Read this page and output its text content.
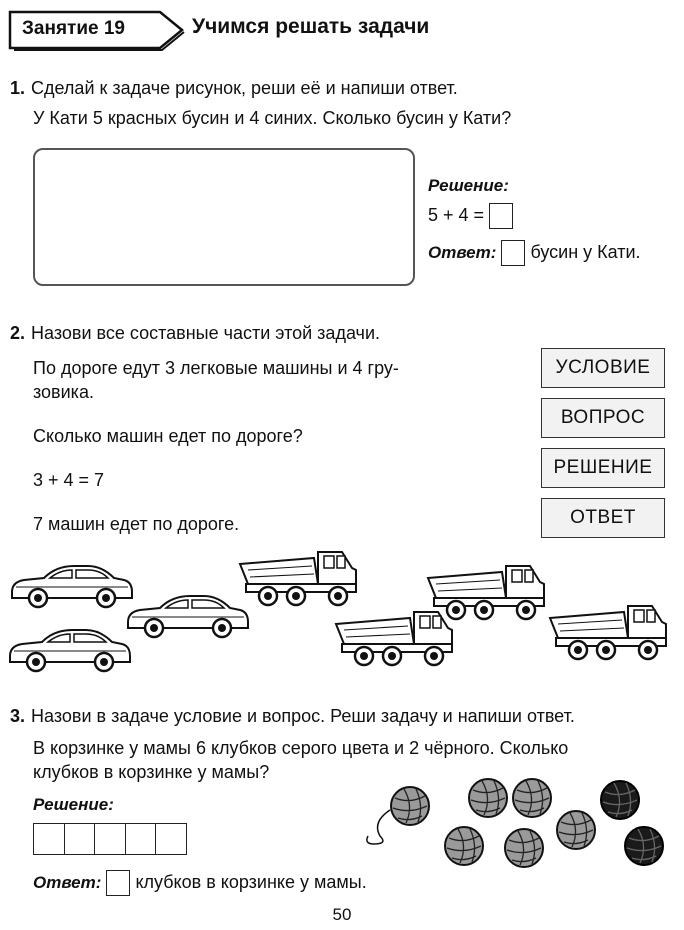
Занятие 19	Учимся решать задачи
1. Сделай к задаче рисунок, реши её и напиши ответ.
У Кати 5 красных бусин и 4 синих. Сколько бусин у Кати?
Решение:
5 + 4 =
Ответ: бусин у Кати.
2. Назови все составные части этой задачи.
По дороге едут 3 легковые машины и 4 гру-
зовика.
Сколько машин едет по дороге?
3 + 4 = 7
7 машин едет по дороге.
УСЛОВИЕ
ВОПРОС
РЕШЕНИЕ
ОТВЕТ
3. Назови в задаче условие и вопрос. Реши задачу и напиши ответ.
В корзинке у мамы 6 клубков серого цвета и 2 чёрного. Сколько
клубков в корзинке у мамы?
Решение:
Ответ: клубков в корзинке у мамы.
50
